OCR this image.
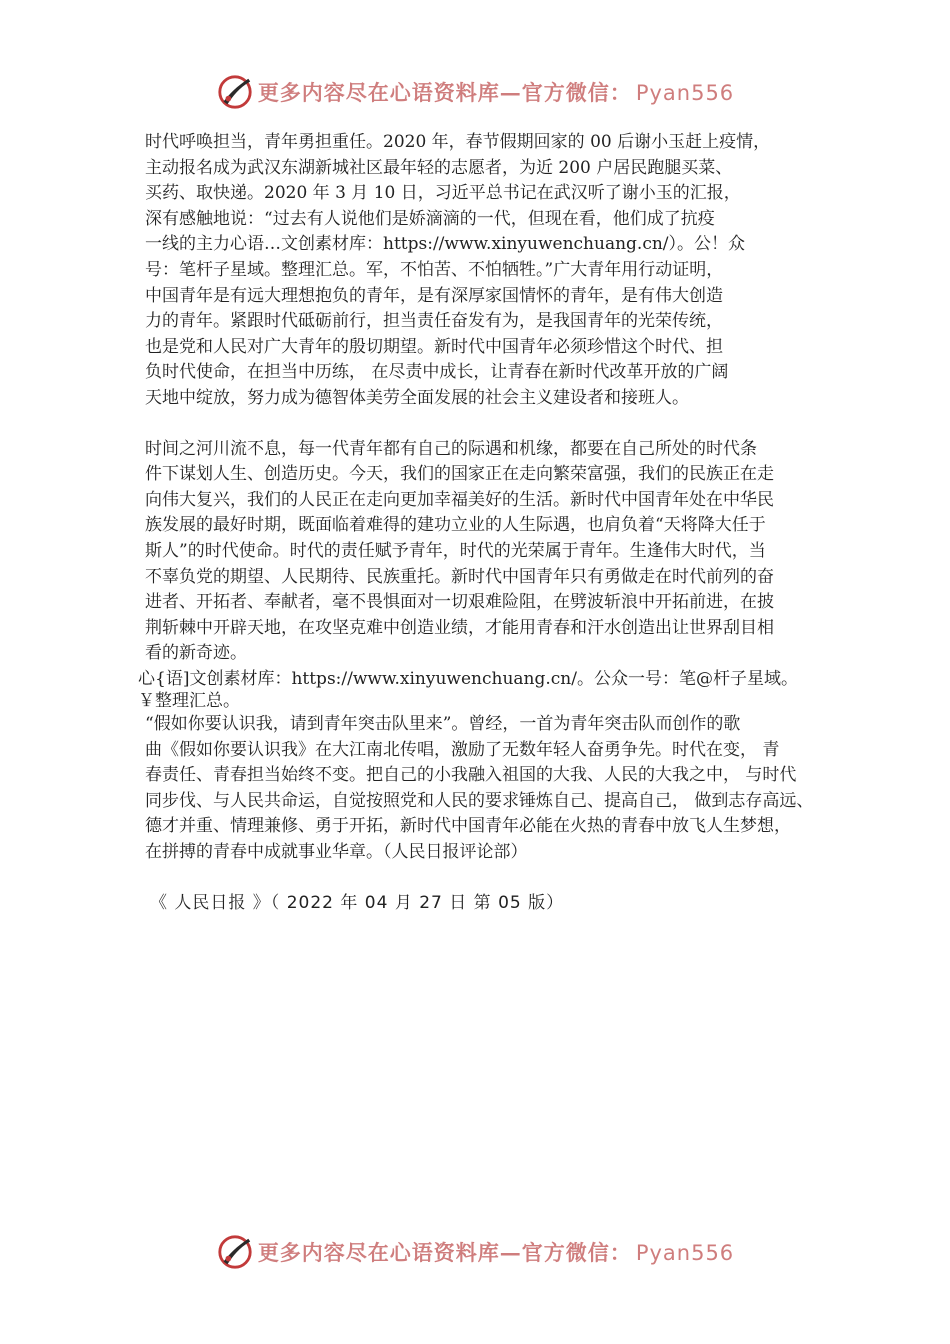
更多内容尽在心语资料库—官方微信： Pyan556

时代呼唤担当，青年勇担重任。2020 年，春节假期回家的 00 后谢小玉赶上疫情，
主动报名成为武汉东湖新城社区最年轻的志愿者，为近 200 户居民跑腿买菜、
买药、取快递。2020 年 3 月 10 日，习近平总书记在武汉听了谢小玉的汇报，
深有感触地说：“过去有人说他们是娇滴滴的一代，但现在看，他们成了抗疫
一线的主力心语…文创素材库：https://www.xinyuwenchuang.cn/）。公！众
号：笔杆子星域。整理汇总。军，不怕苦、不怕牺牲。”广大青年用行动证明，
中国青年是有远大理想抱负的青年，是有深厚家国情怀的青年，是有伟大创造
力的青年。紧跟时代砥砺前行，担当责任奋发有为，是我国青年的光荣传统，
也是党和人民对广大青年的殷切期望。新时代中国青年必须珍惜这个时代、担
负时代使命，在担当中历练， 在尽责中成长，让青春在新时代改革开放的广阔
天地中绽放，努力成为德智体美劳全面发展的社会主义建设者和接班人。

时间之河川流不息，每一代青年都有自己的际遇和机缘，都要在自己所处的时代条
件下谋划人生、创造历史。今天，我们的国家正在走向繁荣富强，我们的民族正在走
向伟大复兴，我们的人民正在走向更加幸福美好的生活。新时代中国青年处在中华民
族发展的最好时期，既面临着难得的建功立业的人生际遇，也肩负着“天将降大任于
斯人”的时代使命。时代的责任赋予青年，时代的光荣属于青年。生逢伟大时代，当
不辜负党的期望、人民期待、民族重托。新时代中国青年只有勇做走在时代前列的奋
进者、开拓者、奉献者，毫不畏惧面对一切艰难险阻，在劈波斩浪中开拓前进，在披
荆斩棘中开辟天地，在攻坚克难中创造业绩，才能用青春和汗水创造出让世界刮目相
看的新奇迹。

心{语]文创素材库：https://www.xinyuwenchuang.cn/。公众一号：笔@杆子星域。
￥整理汇总。
“假如你要认识我，请到青年突击队里来”。曾经，一首为青年突击队而创作的歌
曲《假如你要认识我》在大江南北传唱，激励了无数年轻人奋勇争先。时代在变， 青
春责任、青春担当始终不变。把自己的小我融入祖国的大我、人民的大我之中， 与时代
同步伐、与人民共命运，自觉按照党和人民的要求锤炼自己、提高自己， 做到志存高远、
德才并重、情理兼修、勇于开拓，新时代中国青年必能在火热的青春中放飞人生梦想，
在拼搏的青春中成就事业华章。（人民日报评论部）
《 人民日报 》（ 2022 年 04 月 27 日 第 05 版）
更多内容尽在心语资料库—官方微信： Pyan556
